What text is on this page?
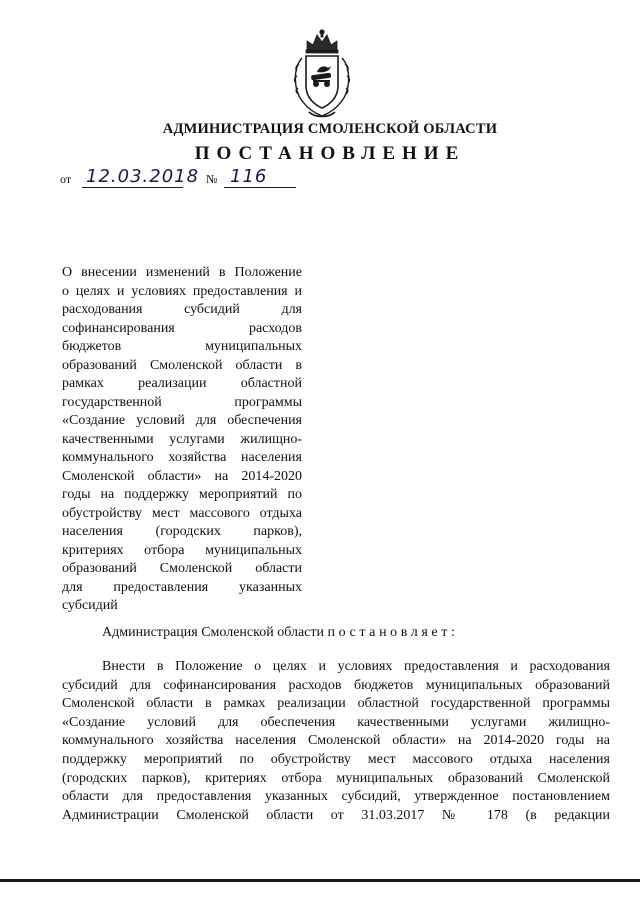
АДМИНИСТРАЦИЯ СМОЛЕНСКОЙ ОБЛАСТИ
ПОСТАНОВЛЕНИЕ
от 12.03.2018 № 116
О внесении изменений в Положение
о целях и условиях предоставления и
расходования субсидий для
софинансирования расходов
бюджетов муниципальных
образований Смоленской области в
рамках реализации областной
государственной программы
«Создание условий для обеспечения
качественными услугами жилищно-
коммунального хозяйства населения
Смоленской области» на 2014-2020
годы на поддержку мероприятий по
обустройству мест массового отдыха
населения (городских парков),
критериях отбора муниципальных
образований Смоленской области
для предоставления указанных
субсидий
Администрация Смоленской области постановляет:
Внести в Положение о целях и условиях предоставления и расходования
субсидий для софинансирования расходов бюджетов муниципальных образований
Смоленской области в рамках реализации областной государственной программы
«Создание условий для обеспечения качественными услугами жилищно-
коммунального хозяйства населения Смоленской области» на 2014-2020 годы на
поддержку мероприятий по обустройству мест массового отдыха населения
(городских парков), критериях отбора муниципальных образований Смоленской
области для предоставления указанных субсидий, утвержденное постановлением
Администрации Смоленской области от 31.03.2017 № 178 (в редакции
